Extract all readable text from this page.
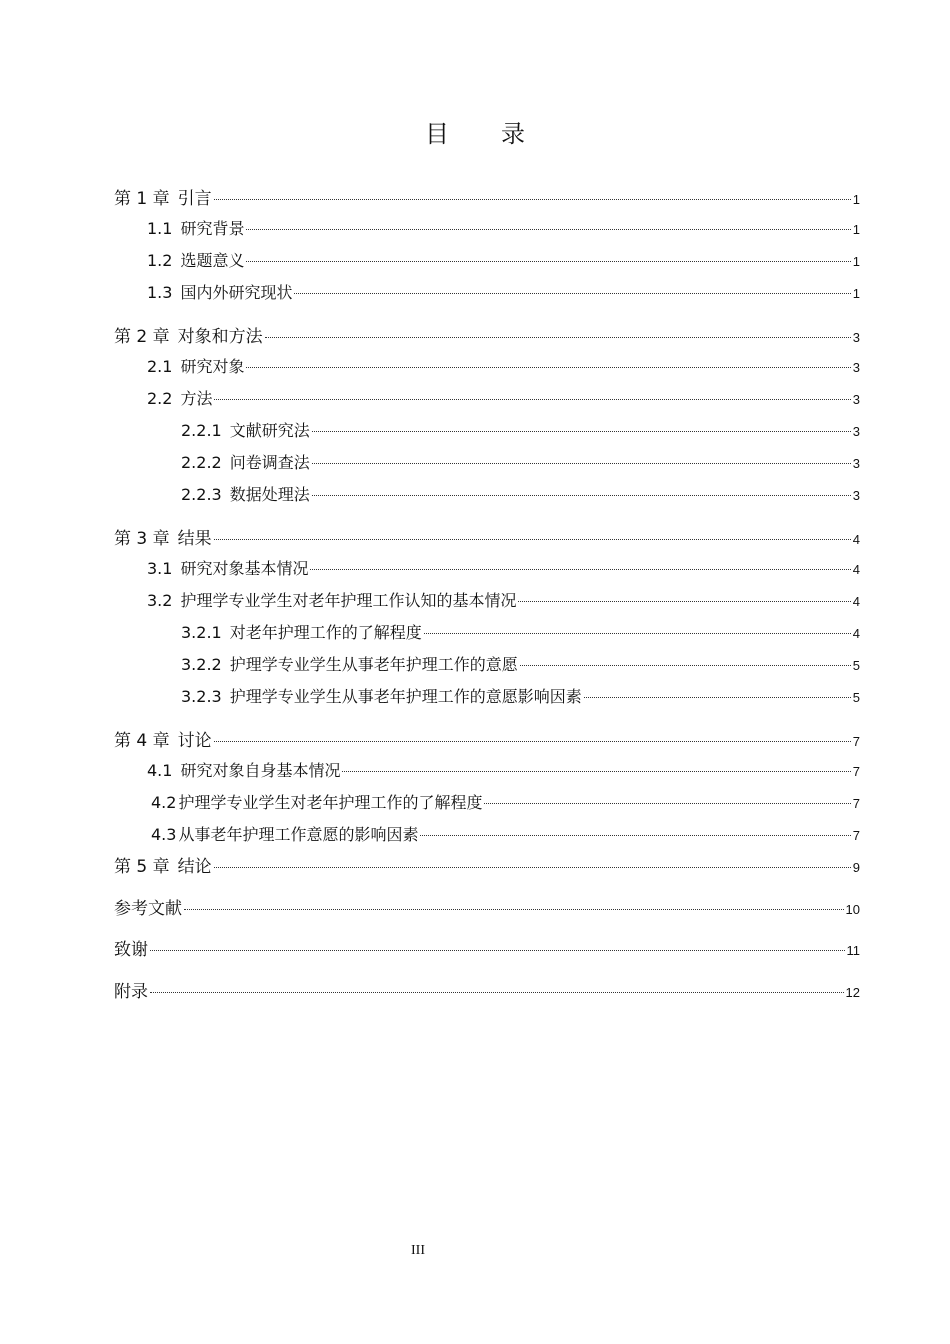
目 录
第 1 章 引言	1
1.1 研究背景	1
1.2 选题意义	1
1.3 国内外研究现状	1
第 2 章 对象和方法	3
2.1 研究对象	3
2.2 方法	3
2.2.1 文献研究法	3
2.2.2 问卷调查法	3
2.2.3 数据处理法	3
第 3 章 结果	4
3.1 研究对象基本情况	4
3.2 护理学专业学生对老年护理工作认知的基本情况	4
3.2.1 对老年护理工作的了解程度	4
3.2.2 护理学专业学生从事老年护理工作的意愿	5
3.2.3 护理学专业学生从事老年护理工作的意愿影响因素	5
第 4 章 讨论	7
4.1 研究对象自身基本情况	7
4.2 护理学专业学生对老年护理工作的了解程度	7
4.3 从事老年护理工作意愿的影响因素	7
第 5 章 结论	9
参考文献	10
致谢	11
附录	12
III
